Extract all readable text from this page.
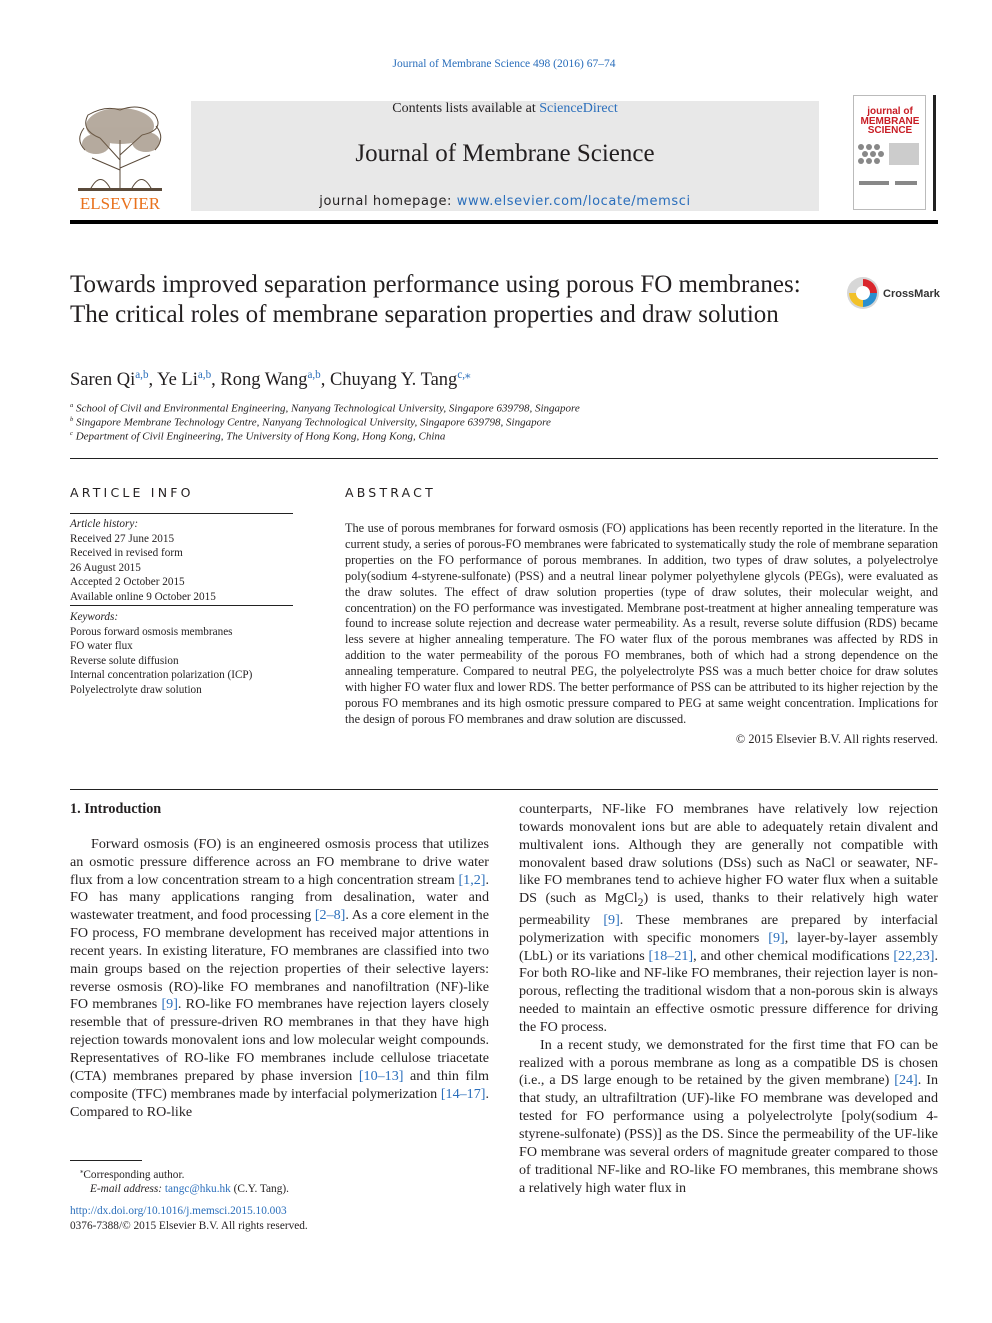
Journal of Membrane Science 498 (2016) 67–74
ELSEVIER
Contents lists available at ScienceDirect
Journal of Membrane Science
journal homepage: www.elsevier.com/locate/memsci
journal of MEMBRANE SCIENCE
Towards improved separation performance using porous FO membranes: The critical roles of membrane separation properties and draw solution
CrossMark
Saren Qi$^{a,b}$, Ye Li$^{a,b}$, Rong Wang$^{a,b}$, Chuyang Y. Tang$^{c,⁎}$
$^a$ School of Civil and Environmental Engineering, Nanyang Technological University, Singapore 639798, Singapore
$^b$ Singapore Membrane Technology Centre, Nanyang Technological University, Singapore 639798, Singapore
$^c$ Department of Civil Engineering, The University of Hong Kong, Hong Kong, China
ARTICLE INFO
Article history:
Received 27 June 2015
Received in revised form
26 August 2015
Accepted 2 October 2015
Available online 9 October 2015
Keywords:
Porous forward osmosis membranes
FO water flux
Reverse solute diffusion
Internal concentration polarization (ICP)
Polyelectrolyte draw solution
ABSTRACT
The use of porous membranes for forward osmosis (FO) applications has been recently reported in the literature. In the current study, a series of porous-FO membranes were fabricated to systematically study the role of membrane separation properties on the FO performance of porous membranes. In addition, two types of draw solutes, a polyelectrolye poly(sodium 4-styrene-sulfonate) (PSS) and a neutral linear polymer polyethylene glycols (PEGs), were evaluated as the draw solutes. The effect of draw solution properties (type of draw solutes, their molecular weight, and concentration) on the FO performance was investigated. Membrane post-treatment at higher annealing temperature was found to increase solute rejection and decrease water permeability. As a result, reverse solute diffusion (RDS) became less severe at higher annealing temperature. The FO water flux of the porous membranes was affected by RDS in addition to the water permeability of the porous FO membranes, both of which had a strong dependence on the annealing temperature. Compared to neutral PEG, the polyelectrolyte PSS was a much better choice for draw solutes with higher FO water flux and lower RDS. The better performance of PSS can be attributed to its higher rejection by the porous FO membranes and its high osmotic pressure compared to PEG at same weight concentration. Implications for the design of porous FO membranes and draw solution are discussed.
© 2015 Elsevier B.V. All rights reserved.
1. Introduction

Forward osmosis (FO) is an engineered osmosis process that utilizes an osmotic pressure difference across an FO membrane to drive water flux from a low concentration stream to a high concentration stream [1,2]. FO has many applications ranging from desalination, water and wastewater treatment, and food processing [2–8]. As a core element in the FO process, FO membrane development has received major attentions in recent years. In existing literature, FO membranes are classified into two main groups based on the rejection properties of their selective layers: reverse osmosis (RO)-like FO membranes and nanofiltration (NF)-like FO membranes [9]. RO-like FO membranes have rejection layers closely resemble that of pressure-driven RO membranes in that they have high rejection towards monovalent ions and low molecular weight compounds. Representatives of RO-like FO membranes include cellulose triacetate (CTA) membranes prepared by phase inversion [10–13] and thin film composite (TFC) membranes made by interfacial polymerization [14–17]. Compared to RO-like

counterparts, NF-like FO membranes have relatively low rejection towards monovalent ions but are able to adequately retain divalent and multivalent ions. Although they are generally not compatible with monovalent based draw solutions (DSs) such as NaCl or seawater, NF-like FO membranes tend to achieve higher FO water flux when a suitable DS (such as MgCl$_2$) is used, thanks to their relatively high water permeability [9]. These membranes are prepared by interfacial polymerization with specific monomers [9], layer-by-layer assembly (LbL) or its variations [18–21], and other chemical modifications [22,23]. For both RO-like and NF-like FO membranes, their rejection layer is non-porous, reflecting the traditional wisdom that a non-porous skin is always needed to maintain an effective osmotic pressure difference for driving the FO process.

In a recent study, we demonstrated for the first time that FO can be realized with a porous membrane as long as a compatible DS is chosen (i.e., a DS large enough to be retained by the given membrane) [24]. In that study, an ultrafiltration (UF)-like FO membrane was developed and tested for FO performance using a polyelectrolyte [poly(sodium 4-styrene-sulfonate) (PSS)] as the DS. Since the permeability of the UF-like FO membrane was several orders of magnitude greater compared to those of traditional NF-like and RO-like FO membranes, this membrane shows a relatively high water flux in

⁎Corresponding author.
E-mail address: tangc@hku.hk (C.Y. Tang).
http://dx.doi.org/10.1016/j.memsci.2015.10.003
0376-7388/© 2015 Elsevier B.V. All rights reserved.
